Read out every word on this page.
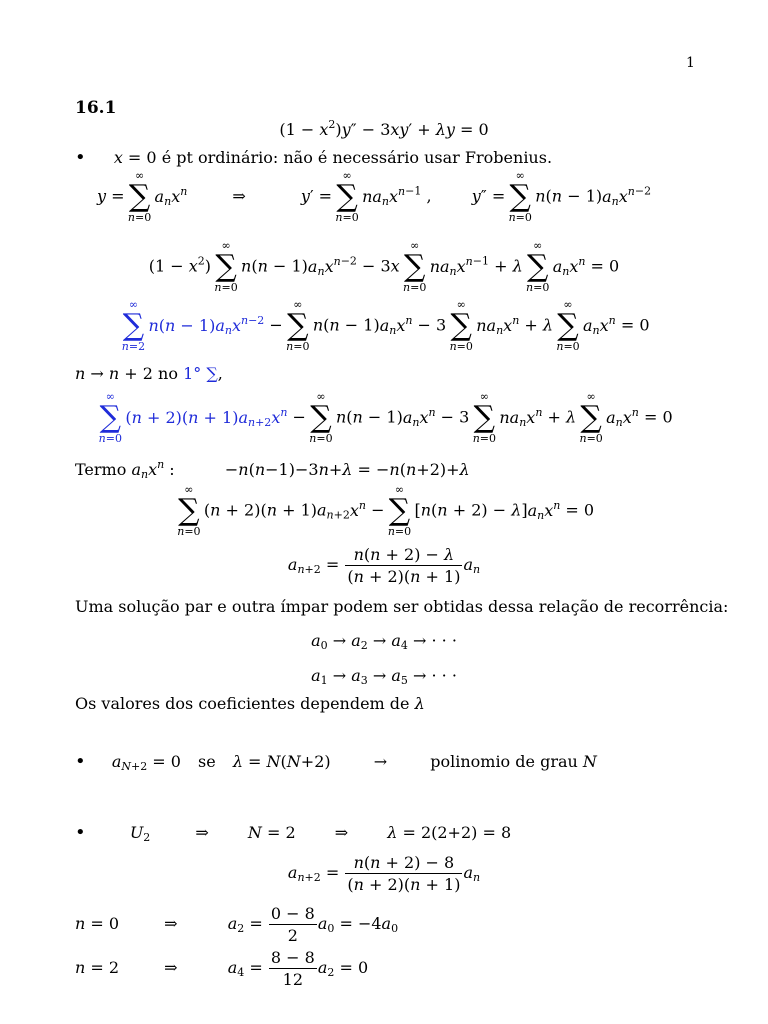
1
16.1
$(1 - x^2)y'' - 3xy' + \lambda y = 0$
• x = 0 é pt ordinário: não é necessário usar Frobenius.
y =
∞
∑
n=0
$a_nx^n$	⇒	y′ =
∞
∑
n=0
$na_nx^{n-1}$ ,  y″ =
∞
∑
n=0
$n(n - 1)a_nx^{n-2}$
$(1 - x^2)$
∞
∑
n=0
$n(n - 1)a_nx^{n-2} - 3x$
∞
∑
n=0
$na_nx^{n-1} + \lambda$
∞
∑
n=0
$a_nx^n = 0$
∞
∑
n=2
$n(n - 1)a_nx^{n-2}$ −
∞
∑
n=0
$n(n - 1)a_nx^n - 3$
∞
∑
n=0
$na_nx^n + \lambda$
∞
∑
n=0
$a_nx^n = 0$
n → n + 2 no 1° ∑,
∞
∑
n=0
$(n + 2)(n + 1)a_{n+2}x^n$ −
∞
∑
n=0
$n(n - 1)a_nx^n - 3$
∞
∑
n=0
$na_nx^n + \lambda$
∞
∑
n=0
$a_nx^n = 0$
Termo $a_nx^n$ :	−n(n−1)−3n+λ = −n(n+2)+λ
∞
∑
n=0
$(n + 2)(n + 1)a_{n+2}x^n$ −
∞
∑
n=0
$[n(n + 2) - \lambda]a_nx^n = 0$
$a_{n+2} = \frac{n(n + 2) - \lambda}{(n + 2)(n + 1)} a_n$
Uma solução par e outra ímpar podem ser obtidas dessa relação de recorrência:
$a_0 \to a_2 \to a_4$ → · · ·
$a_1 \to a_3 \to a_5$ → · · ·
Os valores dos coeficientes dependem de λ
• $a_{N+2} = 0$ se λ = N(N+2) →	polinomio de grau N
•	$U_2$	⇒ N = 2 ⇒ λ = 2(2+2) = 8
$a_{n+2} = \frac{n(n + 2) - 8}{(n + 2)(n + 1)} a_n$
n = 0	⇒	$a_2 = \frac{0 - 8}{2} a_0 = -4a_0$
n = 2	⇒	$a_4 = \frac{8 - 8}{12} a_2 = 0$
